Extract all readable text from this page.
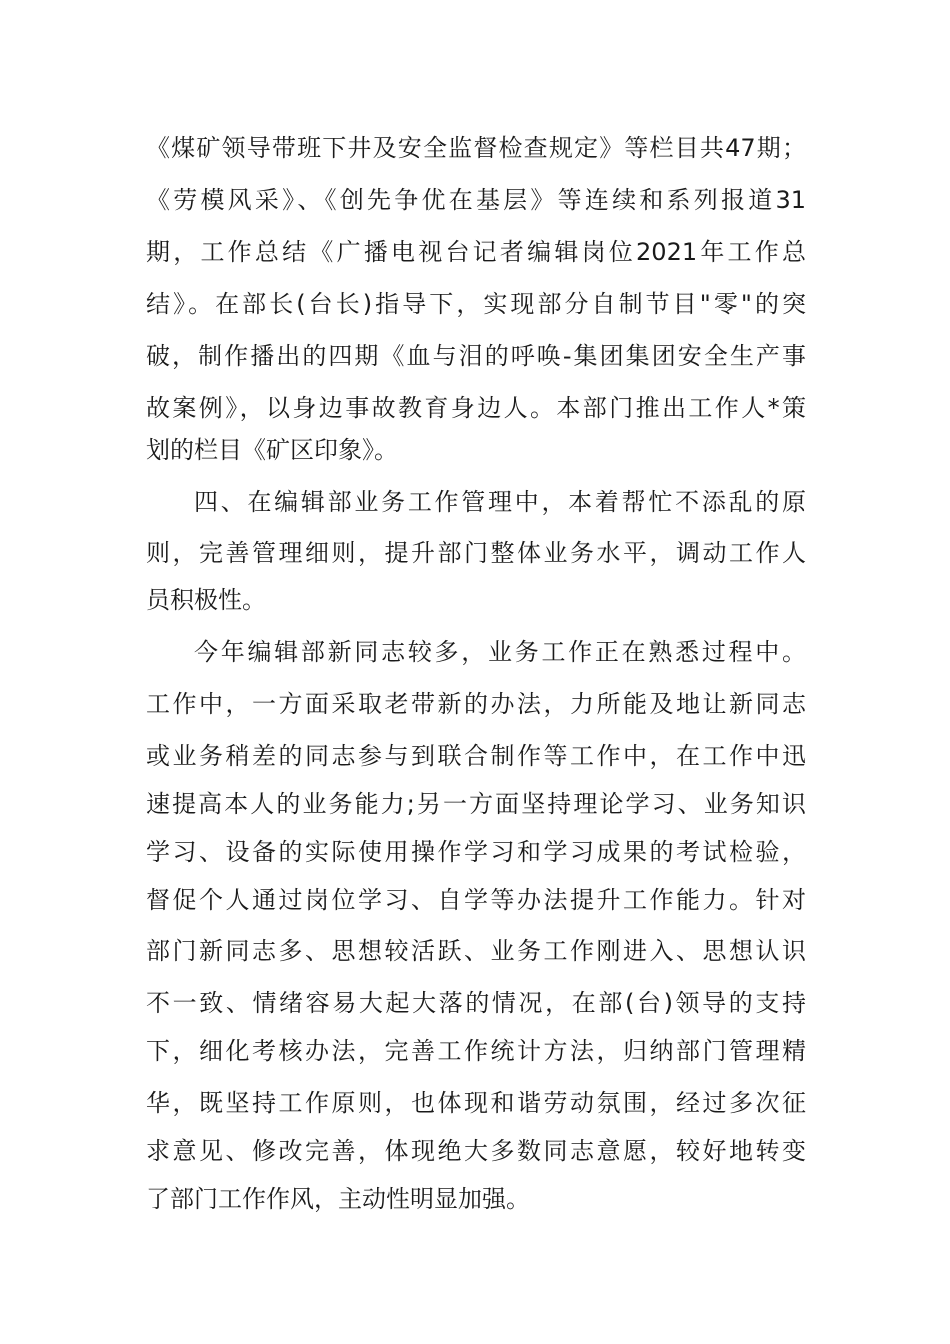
《煤矿领导带班下井及安全监督检查规定》等栏目共47期；
《劳模风采》、《创先争优在基层》等连续和系列报道31
期，工作总结《广播电视台记者编辑岗位2021年工作总
结》。在部长(台长)指导下，实现部分自制节目"零"的突
破，制作播出的四期《血与泪的呼唤-集团集团安全生产事
故案例》，以身边事故教育身边人。本部门推出工作人*策
划的栏目《矿区印象》。
四、在编辑部业务工作管理中，本着帮忙不添乱的原
则，完善管理细则，提升部门整体业务水平，调动工作人
员积极性。
今年编辑部新同志较多，业务工作正在熟悉过程中。
工作中，一方面采取老带新的办法，力所能及地让新同志
或业务稍差的同志参与到联合制作等工作中，在工作中迅
速提高本人的业务能力;另一方面坚持理论学习、业务知识
学习、设备的实际使用操作学习和学习成果的考试检验，
督促个人通过岗位学习、自学等办法提升工作能力。针对
部门新同志多、思想较活跃、业务工作刚进入、思想认识
不一致、情绪容易大起大落的情况，在部(台)领导的支持
下，细化考核办法，完善工作统计方法，归纳部门管理精
华，既坚持工作原则，也体现和谐劳动氛围，经过多次征
求意见、修改完善，体现绝大多数同志意愿，较好地转变
了部门工作作风，主动性明显加强。
